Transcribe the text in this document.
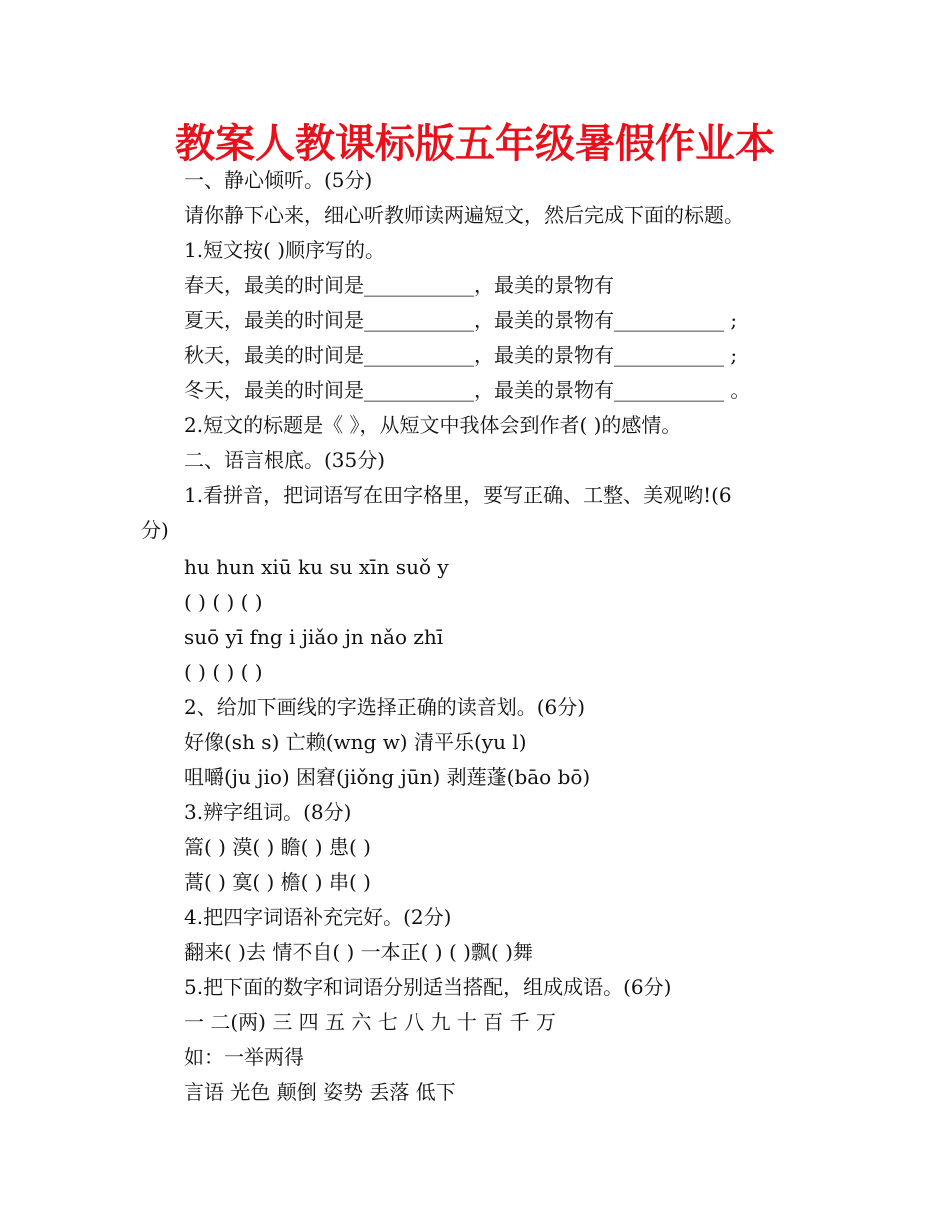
教案人教课标版五年级暑假作业本
一、静心倾听。(5分)
请你静下心来，细心听教师读两遍短文，然后完成下面的标题。
1.短文按( )顺序写的。
春天，最美的时间是___________，最美的景物有
夏天，最美的时间是___________，最美的景物有___________ ;
秋天，最美的时间是___________，最美的景物有___________ ;
冬天，最美的时间是___________，最美的景物有___________ 。
2.短文的标题是《 》，从短文中我体会到作者( )的感情。
二、语言根底。(35分)
1.看拼音，把词语写在田字格里，要写正确、工整、美观哟!(6
分)
hu hun xiū ku su xīn suǒ y
( ) ( ) ( )
suō yī fng i jiǎo jn nǎo zhī
( ) ( ) ( )
2、给加下画线的字选择正确的读音划。(6分)
好像(sh s) 亡赖(wng w) 清平乐(yu l)
咀嚼(ju jio) 困窘(jiǒng jūn) 剥莲蓬(bāo bō)
3.辨字组词。(8分)
篙( ) 漠( ) 瞻( ) 患( )
蒿( ) 寞( ) 檐( ) 串( )
4.把四字词语补充完好。(2分)
翻来( )去 情不自( ) 一本正( ) ( )飘( )舞
5.把下面的数字和词语分别适当搭配，组成成语。(6分)
一 二(两) 三 四 五 六 七 八 九 十 百 千 万
如：一举两得
言语 光色 颠倒 姿势 丢落 低下
